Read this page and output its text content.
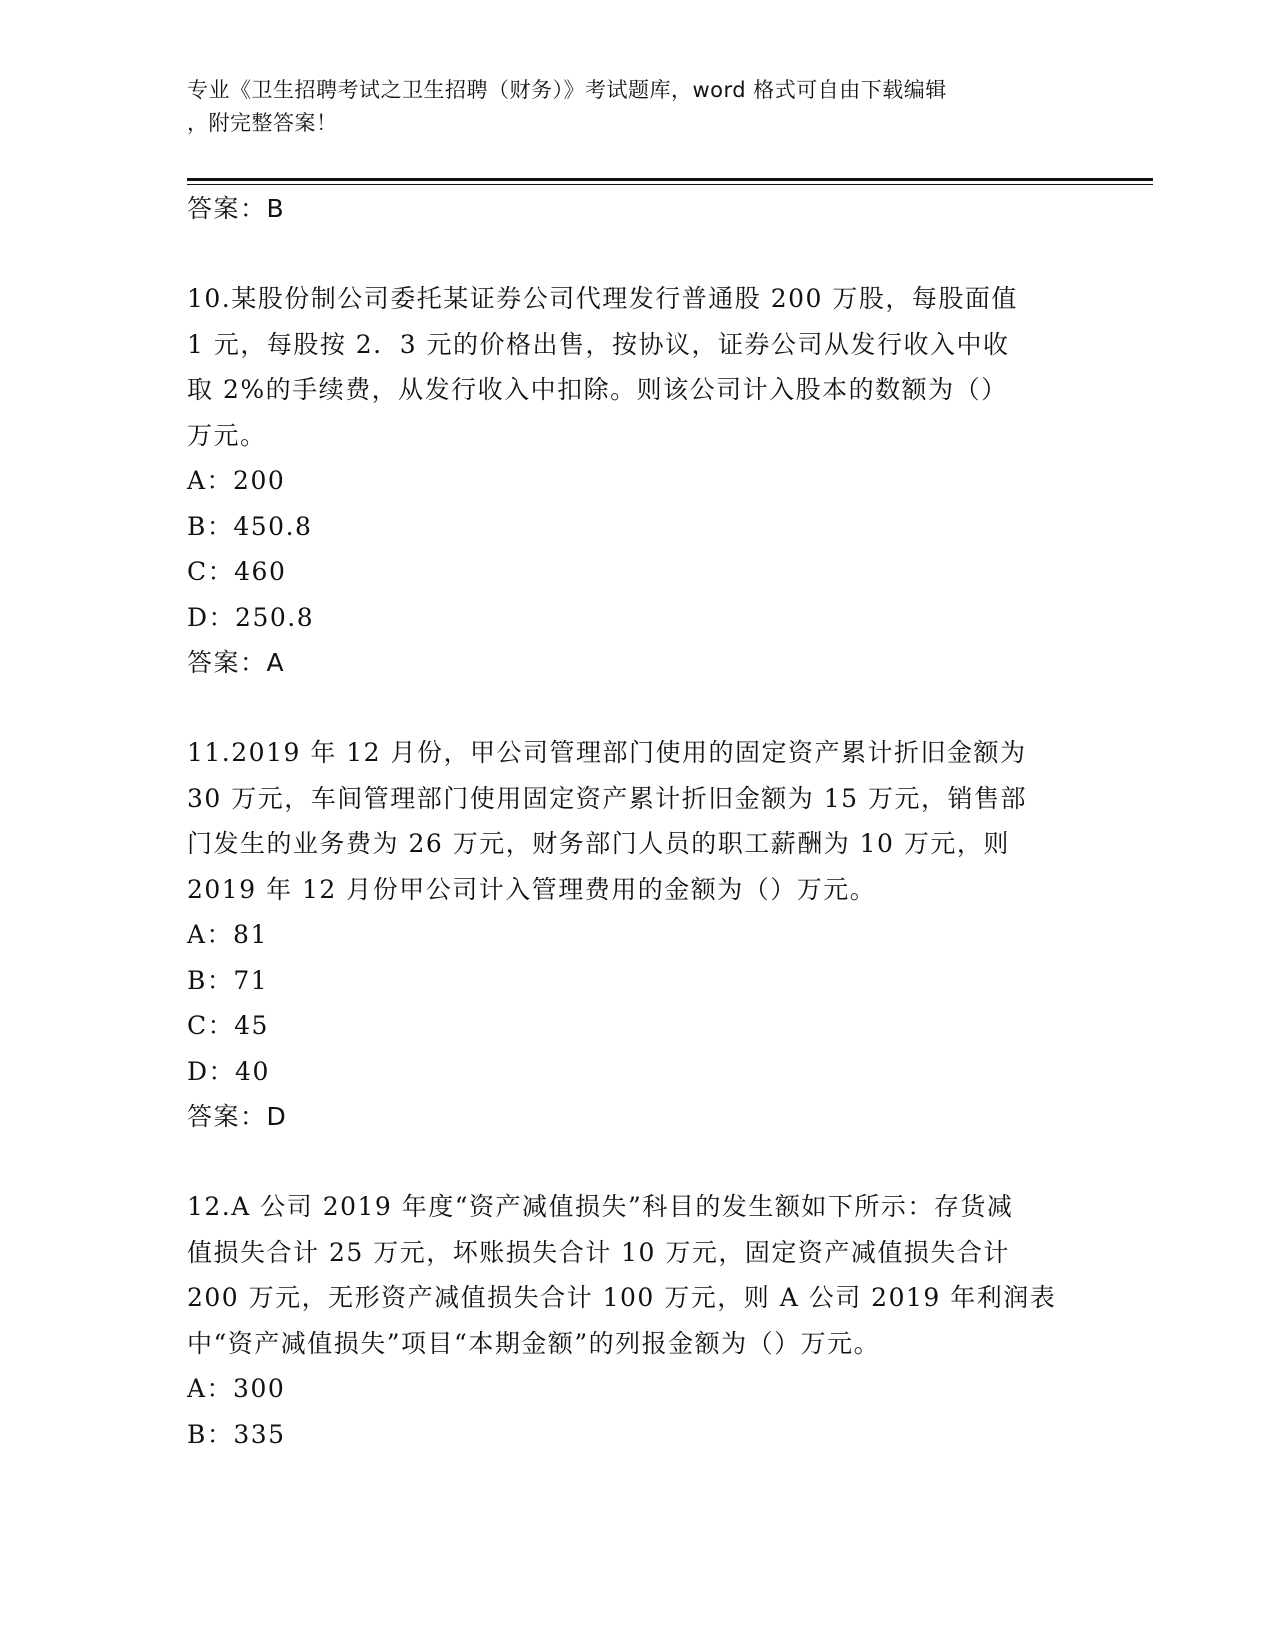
专业《卫生招聘考试之卫生招聘（财务）》考试题库，word 格式可自由下载编辑
，附完整答案！
答案：B
10.某股份制公司委托某证券公司代理发行普通股 200 万股，每股面值
1 元，每股按 2．3 元的价格出售，按协议，证券公司从发行收入中收
取 2%的手续费，从发行收入中扣除。则该公司计入股本的数额为（）
万元。
A：200
B：450.8
C：460
D：250.8
答案：A
11.2019 年 12 月份，甲公司管理部门使用的固定资产累计折旧金额为
30 万元，车间管理部门使用固定资产累计折旧金额为 15 万元，销售部
门发生的业务费为 26 万元，财务部门人员的职工薪酬为 10 万元，则
2019 年 12 月份甲公司计入管理费用的金额为（）万元。
A：81
B：71
C：45
D：40
答案：D
12.A 公司 2019 年度“资产减值损失”科目的发生额如下所示：存货减
值损失合计 25 万元，坏账损失合计 10 万元，固定资产减值损失合计
200 万元，无形资产减值损失合计 100 万元，则 A 公司 2019 年利润表
中“资产减值损失”项目“本期金额”的列报金额为（）万元。
A：300
B：335
